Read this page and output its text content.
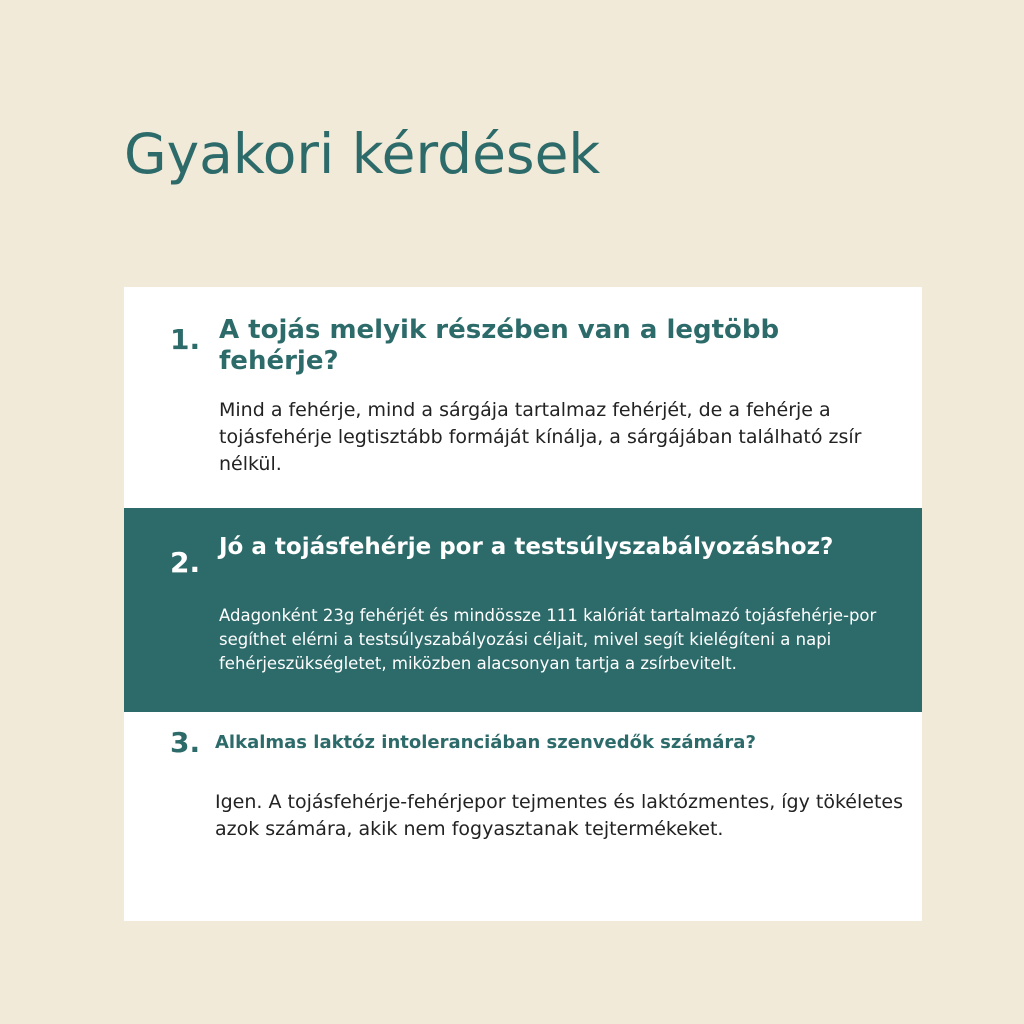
Gyakori kérdések
1. A tojás melyik részében van a legtöbb fehérje?

Mind a fehérje, mind a sárgája tartalmaz fehérjét, de a fehérje a tojásfehérje legtisztább formáját kínálja, a sárgájában található zsír nélkül.

2. Jó a tojásfehérje por a testsúlyszabályozáshoz?

Adagonként 23g fehérjét és mindössze 111 kalóriát tartalmazó tojásfehérje-por segíthet elérni a testsúlyszabályozási céljait, mivel segít kielégíteni a napi fehérjeszükségletet, miközben alacsonyan tartja a zsírbevitelt.

3. Alkalmas laktóz intoleranciában szenvedők számára?

Igen. A tojásfehérje-fehérjepor tejmentes és laktózmentes, így tökéletes azok számára, akik nem fogyasztanak tejtermékeket.
